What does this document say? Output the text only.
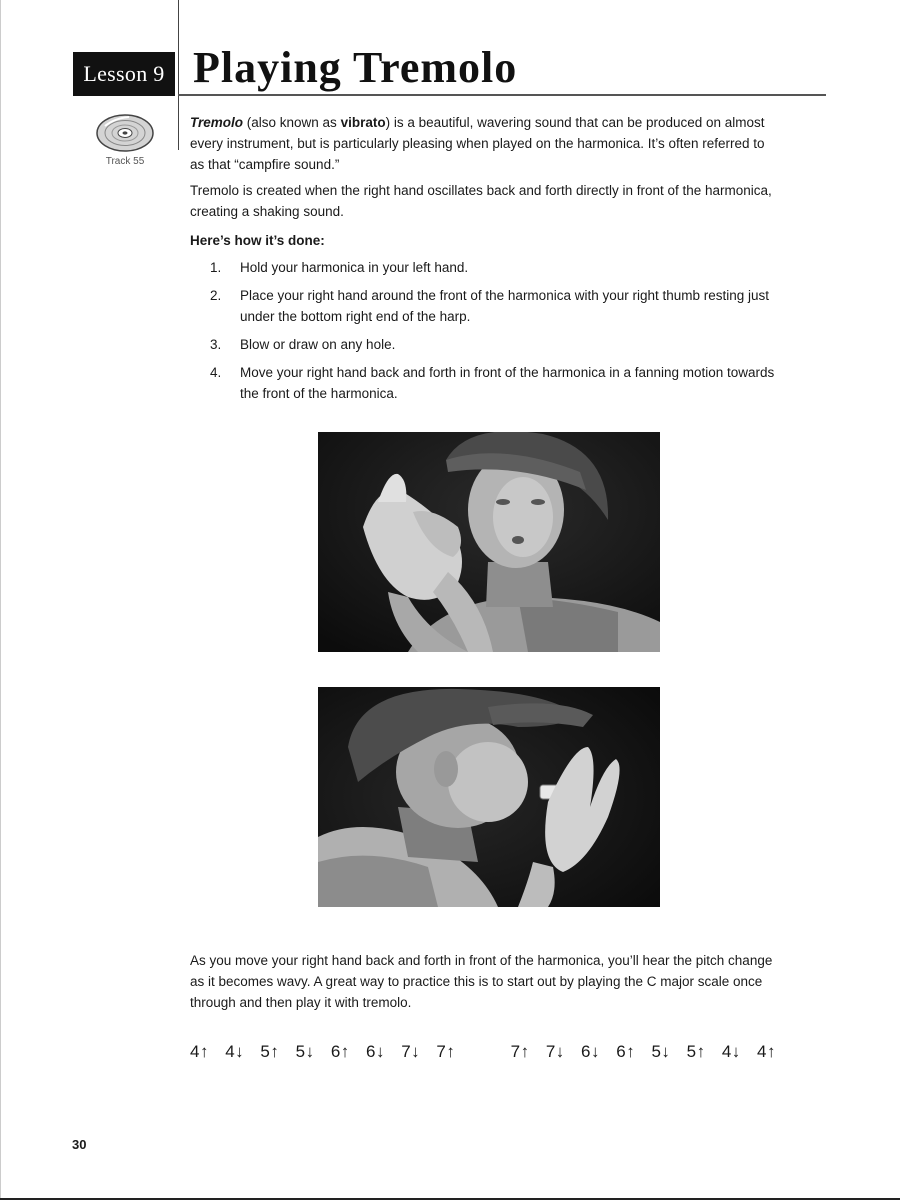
Lesson 9 Playing Tremolo
Track 55

Tremolo (also known as vibrato) is a beautiful, wavering sound that can be produced on almost every instrument, but is particularly pleasing when played on the harmonica. It’s often referred to as that “campfire sound.”

Tremolo is created when the right hand oscillates back and forth directly in front of the harmonica, creating a shaking sound.
Here’s how it’s done:
1.	Hold your harmonica in your left hand.
2.	Place your right hand around the front of the harmonica with your right thumb resting just under the bottom right end of the harp.
3.	Blow or draw on any hole.
4.	Move your right hand back and forth in front of the harmonica in a fanning motion towards the front of the harmonica.
As you move your right hand back and forth in front of the harmonica, you’ll hear the pitch change as it becomes wavy. A great way to practice this is to start out by playing the C major scale once through and then play it with tremolo.
4↑ 4↓ 5↑ 5↓ 6↑ 6↓ 7↓ 7↑	7↑ 7↓ 6↓ 6↑ 5↓ 5↑ 4↓ 4↑
30
